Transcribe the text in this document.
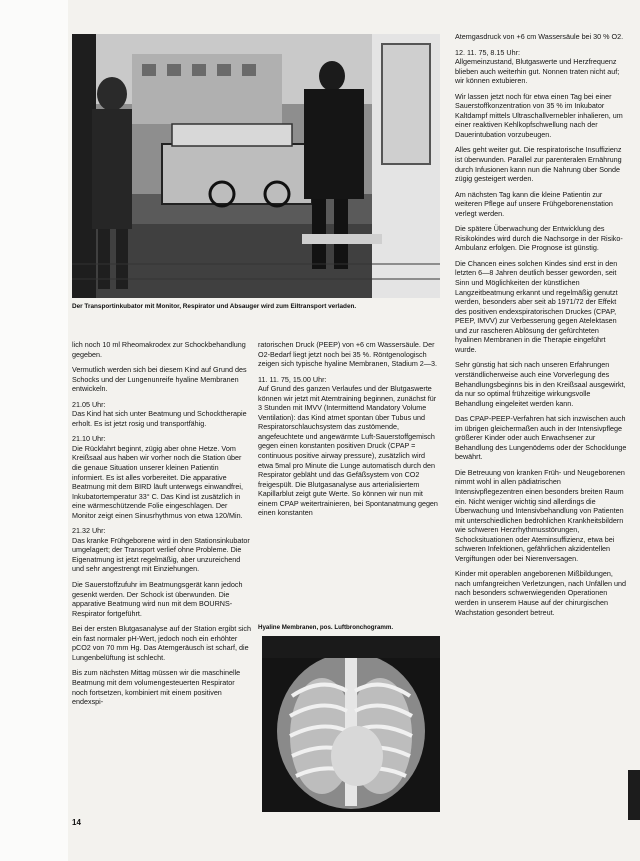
Der Transportinkubator mit Monitor, Respirator und Absauger wird zum Eiltransport verladen.

lich noch 10 ml Rheomakrodex zur Schockbehandlung gegeben.

Vermutlich werden sich bei diesem Kind auf Grund des Schocks und der Lungenunreife hyaline Membranen entwickeln.

21.05 Uhr:
Das Kind hat sich unter Beatmung und Schocktherapie erholt. Es ist jetzt rosig und transportfähig.

21.10 Uhr:
Die Rückfahrt beginnt, zügig aber ohne Hetze. Vom Kreißsaal aus haben wir vorher noch die Station über die genaue Situation unserer kleinen Patientin informiert. Es ist alles vorbereitet. Die apparative Beatmung mit dem BIRD läuft unterwegs einwandfrei, Inkubatortemperatur 33° C. Das Kind ist zusätzlich in eine wärmeschützende Folie eingeschlagen. Der Monitor zeigt einen Sinusrhythmus von etwa 120/Min.

21.32 Uhr:
Das kranke Frühgeborene wird in den Stationsinkubator umgelagert; der Transport verlief ohne Probleme. Die Eigenatmung ist jetzt regelmäßig, aber unzureichend und sehr angestrengt mit Einziehungen.

Die Sauerstoffzufuhr im Beatmungsgerät kann jedoch gesenkt werden. Der Schock ist überwunden. Die apparative Beatmung wird nun mit dem BOURNS-Respirator fortgeführt.

Bei der ersten Blutgasanalyse auf der Station ergibt sich ein fast normaler pH-Wert, jedoch noch ein erhöhter pCO2 von 70 mm Hg. Das Atemgeräusch ist scharf, die Lungenbelüftung ist schlecht.

Bis zum nächsten Mittag müssen wir die maschinelle Beatmung mit dem volumengesteuerten Respirator noch fortsetzen, kombiniert mit einem positiven endexspi-

ratorischen Druck (PEEP) von +6 cm Wassersäule. Der O2-Bedarf liegt jetzt noch bei 35 %. Röntgenologisch zeigen sich typische hyaline Membranen, Stadium 2—3.

11. 11. 75, 15.00 Uhr:
Auf Grund des ganzen Verlaufes und der Blutgaswerte können wir jetzt mit Atemtraining beginnen, zunächst für 3 Stunden mit IMVV (Intermittend Mandatory Volume Ventilation): das Kind atmet spontan über Tubus und Respiratorschlauchsystem das zustömende, angefeuchtete und angewärmte Luft-Sauerstoffgemisch gegen einen konstanten positiven Druck (CPAP = continuous positive airway pressure), zusätzlich wird etwa 5mal pro Minute die Lunge automatisch durch den Respirator gebläht und das Gefäßsystem von CO2 freigespült. Die Blutgasanalyse aus arterialisiertem Kapillarblut zeigt gute Werte. So können wir nun mit einem CPAP weitertrainieren, bei Spontanatmung gegen einen konstanten

Hyaline Membranen, pos. Luftbronchogramm.

Atemgasdruck von +6 cm Wassersäule bei 30 % O2.

12. 11. 75, 8.15 Uhr:
Allgemeinzustand, Blutgaswerte und Herzfrequenz blieben auch weiterhin gut. Nonnen traten nicht auf; wir können extubieren.

Wir lassen jetzt noch für etwa einen Tag bei einer Sauerstoffkonzentration von 35 % im Inkubator Kaltdampf mittels Ultraschallvernebler inhalieren, um einer reaktiven Kehlkopfschwellung nach der Dauerintubation vorzubeugen.

Alles geht weiter gut. Die respiratorische Insuffizienz ist überwunden. Parallel zur parenteralen Ernährung durch Infusionen kann nun die Nahrung über Sonde zügig gesteigert werden.

Am nächsten Tag kann die kleine Patientin zur weiteren Pflege auf unsere Frühgeborenenstation verlegt werden.

Die spätere Überwachung der Entwicklung des Risikokindes wird durch die Nachsorge in der Risiko-Ambulanz erfolgen. Die Prognose ist günstig.

Die Chancen eines solchen Kindes sind erst in den letzten 6—8 Jahren deutlich besser geworden, seit Sinn und Möglichkeiten der künstlichen Langzeitbeatmung erkannt und regelmäßig genutzt werden, besonders aber seit ab 1971/72 der Effekt des positiven endexspiratorischen Druckes (CPAP, PEEP, IMVV) zur Verbesserung gegen Atelektasen und zur rascheren Ablösung der gefürchteten hyalinen Membranen in die Therapie eingeführt wurde.

Sehr günstig hat sich nach unseren Erfahrungen verständlicherweise auch eine Vorverlegung des Behandlungsbeginns bis in den Kreißsaal ausgewirkt, da nur so optimal frühzeitige wirkungsvolle Behandlung eingeleitet werden kann.

Das CPAP-PEEP-Verfahren hat sich inzwischen auch im übrigen gleichermaßen auch in der Intensivpflege größerer Kinder oder auch Erwachsener zur Behandlung des Lungenödems oder der Schocklunge bewährt.

Die Betreuung von kranken Früh- und Neugeborenen nimmt wohl in allen pädiatrischen Intensivpflegezentren einen besonders breiten Raum ein. Nicht weniger wichtig sind allerdings die Überwachung und Intensivbehandlung von Patienten mit unterschiedlichen bedrohlichen Krankheitsbildern wie schweren Herzrhythmusstörungen, Schocksituationen oder Ateminsuffizienz, etwa bei schweren Infektionen, gefährlichen akzidentellen Vergiftungen oder bei Nierenversagen.

Kinder mit operablen angeborenen Mißbildungen, nach umfangreichen Verletzungen, nach Unfällen und nach besonders schwerwiegenden Operationen werden in unserem Hause auf der chirurgischen Wachstation gesondert betreut.

14
